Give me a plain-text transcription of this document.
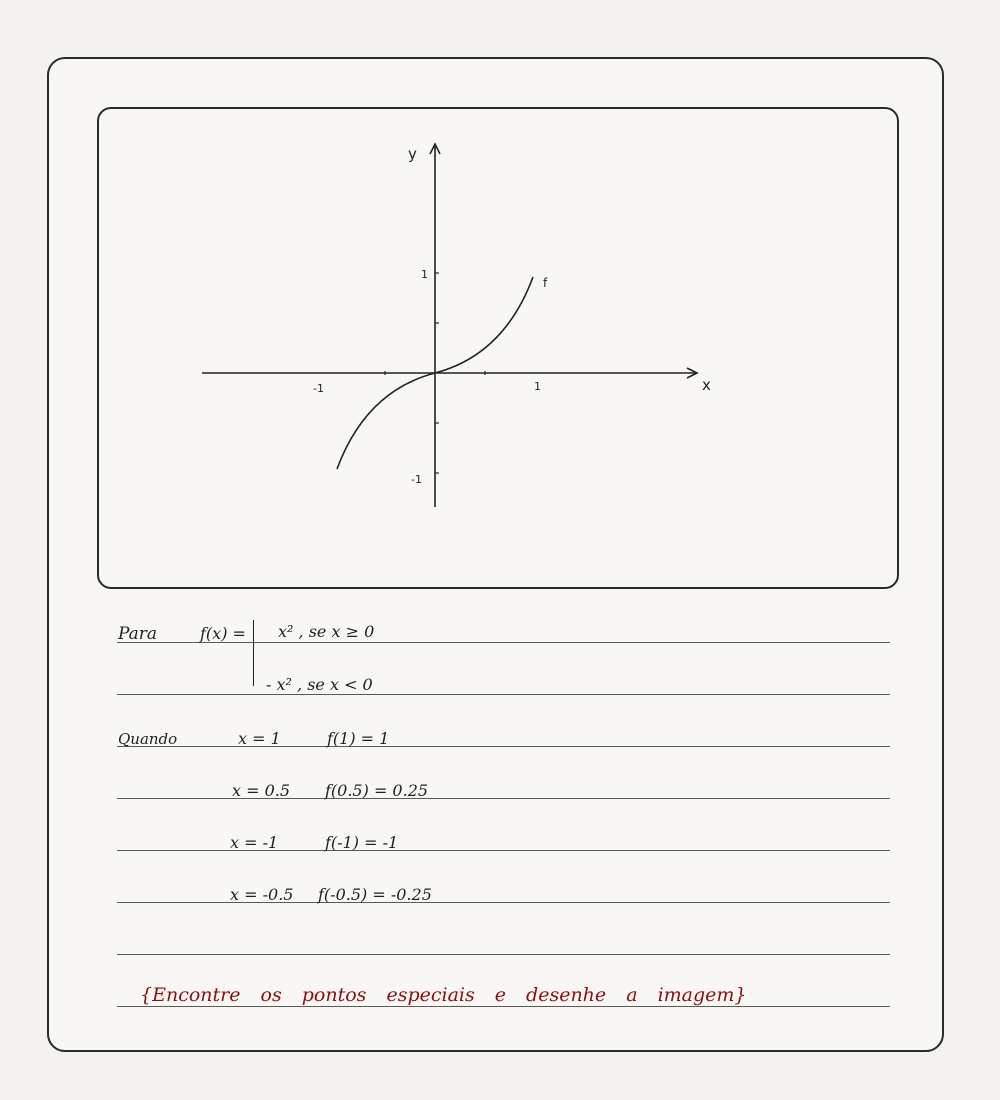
x
y
f
-1	1
1
-1
Para	f(x) = x² , se x ≥ 0
- x² , se x < 0
Quando	x = 1	f(1) = 1
x = 0.5 f(0.5) = 0.25
x = -1	f(-1) = -1
x = -0.5 f(-0.5) = -0.25
{Encontre os pontos especiais e desenhe a imagem}
